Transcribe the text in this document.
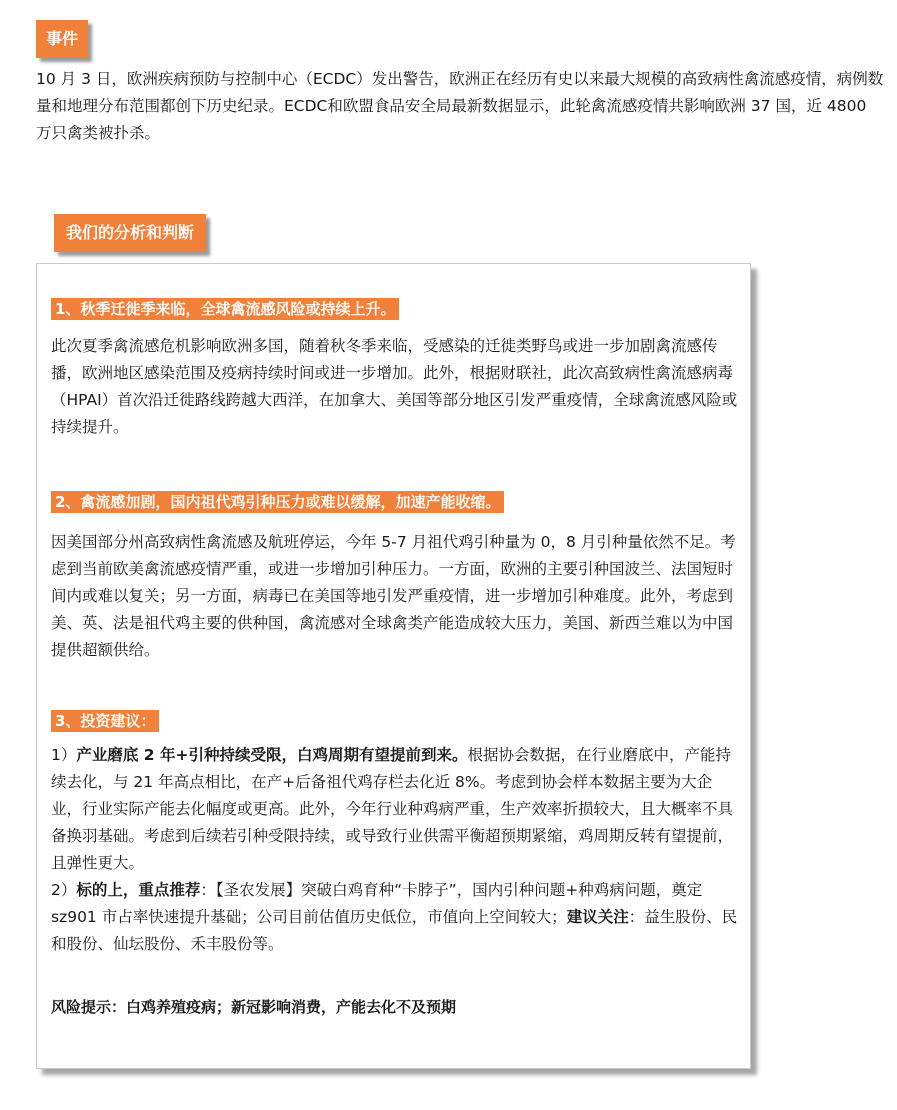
事件

10 月 3 日，欧洲疾病预防与控制中心（ECDC）发出警告，欧洲正在经历有史以来最大规模的高致病性禽流感疫情，病例数量和地理分布范围都创下历史纪录。ECDC和欧盟食品安全局最新数据显示，此轮禽流感疫情共影响欧洲 37 国，近 4800 万只禽类被扑杀。

我们的分析和判断
1、秋季迁徙季来临，全球禽流感风险或持续上升。

此次夏季禽流感危机影响欧洲多国，随着秋冬季来临，受感染的迁徙类野鸟或进一步加剧禽流感传播，欧洲地区感染范围及疫病持续时间或进一步增加。此外，根据财联社，此次高致病性禽流感病毒（HPAI）首次沿迁徙路线跨越大西洋，在加拿大、美国等部分地区引发严重疫情，全球禽流感风险或持续提升。

2、禽流感加剧，国内祖代鸡引种压力或难以缓解，加速产能收缩。

因美国部分州高致病性禽流感及航班停运，今年 5-7 月祖代鸡引种量为 0，8 月引种量依然不足。考虑到当前欧美禽流感疫情严重，或进一步增加引种压力。一方面，欧洲的主要引种国波兰、法国短时间内或难以复关；另一方面，病毒已在美国等地引发严重疫情，进一步增加引种难度。此外，考虑到美、英、法是祖代鸡主要的供种国，禽流感对全球禽类产能造成较大压力，美国、新西兰难以为中国提供超额供给。

3、投资建议：

1）产业磨底 2 年+引种持续受限，白鸡周期有望提前到来。根据协会数据，在行业磨底中，产能持续去化，与 21 年高点相比，在产+后备祖代鸡存栏去化近 8%。考虑到协会样本数据主要为大企业，行业实际产能去化幅度或更高。此外，今年行业种鸡病严重，生产效率折损较大，且大概率不具备换羽基础。考虑到后续若引种受限持续，或导致行业供需平衡超预期紧缩，鸡周期反转有望提前，且弹性更大。

2）标的上，重点推荐：【圣农发展】突破白鸡育种“卡脖子”，国内引种问题+种鸡病问题，奠定 sz901 市占率快速提升基础；公司目前估值历史低位，市值向上空间较大；建议关注：益生股份、民和股份、仙坛股份、禾丰股份等。

风险提示：白鸡养殖疫病；新冠影响消费，产能去化不及预期
